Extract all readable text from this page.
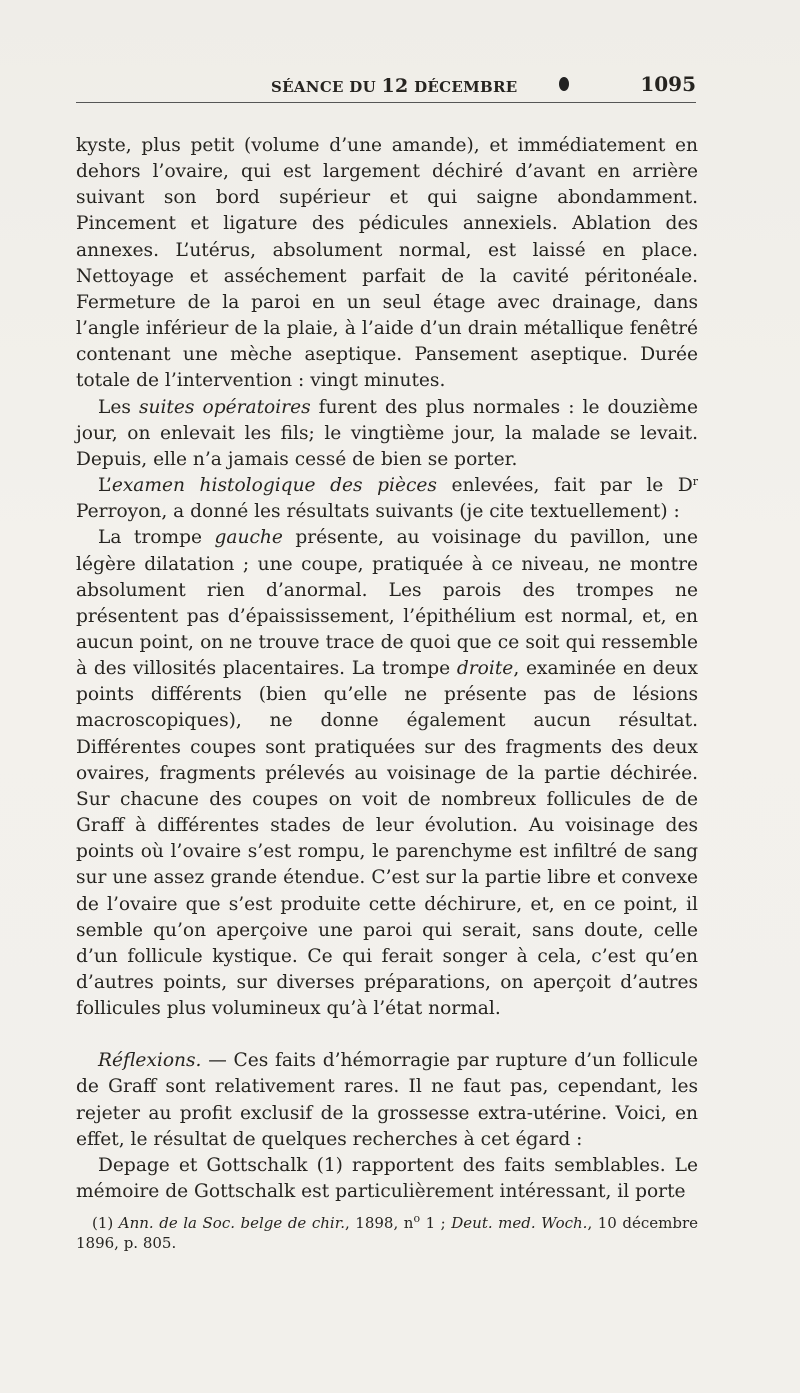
SÉANCE DU 12 DÉCEMBRE	1095

kyste, plus petit (volume d’une amande), et immédiatement en dehors l’ovaire, qui est largement déchiré d’avant en arrière suivant son bord supérieur et qui saigne abondamment. Pincement et ligature des pédicules annexiels. Ablation des annexes. L’utérus, absolument normal, est laissé en place. Nettoyage et asséchement parfait de la cavité péritonéale. Fermeture de la paroi en un seul étage avec drainage, dans l’angle inférieur de la plaie, à l’aide d’un drain métallique fenêtré contenant une mèche aseptique. Pansement aseptique. Durée totale de l’intervention : vingt minutes.

Les suites opératoires furent des plus normales : le douzième jour, on enlevait les fils; le vingtième jour, la malade se levait. Depuis, elle n’a jamais cessé de bien se porter.

L’examen histologique des pièces enlevées, fait par le $D^r$ Perroyon, a donné les résultats suivants (je cite textuellement) :

La trompe gauche présente, au voisinage du pavillon, une légère dilatation ; une coupe, pratiquée à ce niveau, ne montre absolument rien d’anormal. Les parois des trompes ne présentent pas d’épaississement, l’épithélium est normal, et, en aucun point, on ne trouve trace de quoi que ce soit qui ressemble à des villosités placentaires. La trompe droite, examinée en deux points différents (bien qu’elle ne présente pas de lésions macroscopiques), ne donne également aucun résultat. Différentes coupes sont pratiquées sur des fragments des deux ovaires, fragments prélevés au voisinage de la partie déchirée. Sur chacune des coupes on voit de nombreux follicules de de Graff à différentes stades de leur évolution. Au voisinage des points où l’ovaire s’est rompu, le parenchyme est infiltré de sang sur une assez grande étendue. C’est sur la partie libre et convexe de l’ovaire que s’est produite cette déchirure, et, en ce point, il semble qu’on aperçoive une paroi qui serait, sans doute, celle d’un follicule kystique. Ce qui ferait songer à cela, c’est qu’en d’autres points, sur diverses préparations, on aperçoit d’autres follicules plus volumineux qu’à l’état normal.

Réflexions. — Ces faits d’hémorragie par rupture d’un follicule de Graff sont relativement rares. Il ne faut pas, cependant, les rejeter au profit exclusif de la grossesse extra-utérine. Voici, en effet, le résultat de quelques recherches à cet égard :

Depage et Gottschalk (1) rapportent des faits semblables. Le mémoire de Gottschalk est particulièrement intéressant, il porte

(1) Ann. de la Soc. belge de chir., 1898, $n^o$ 1 ; Deut. med. Woch., 10 décembre 1896, p. 805.
